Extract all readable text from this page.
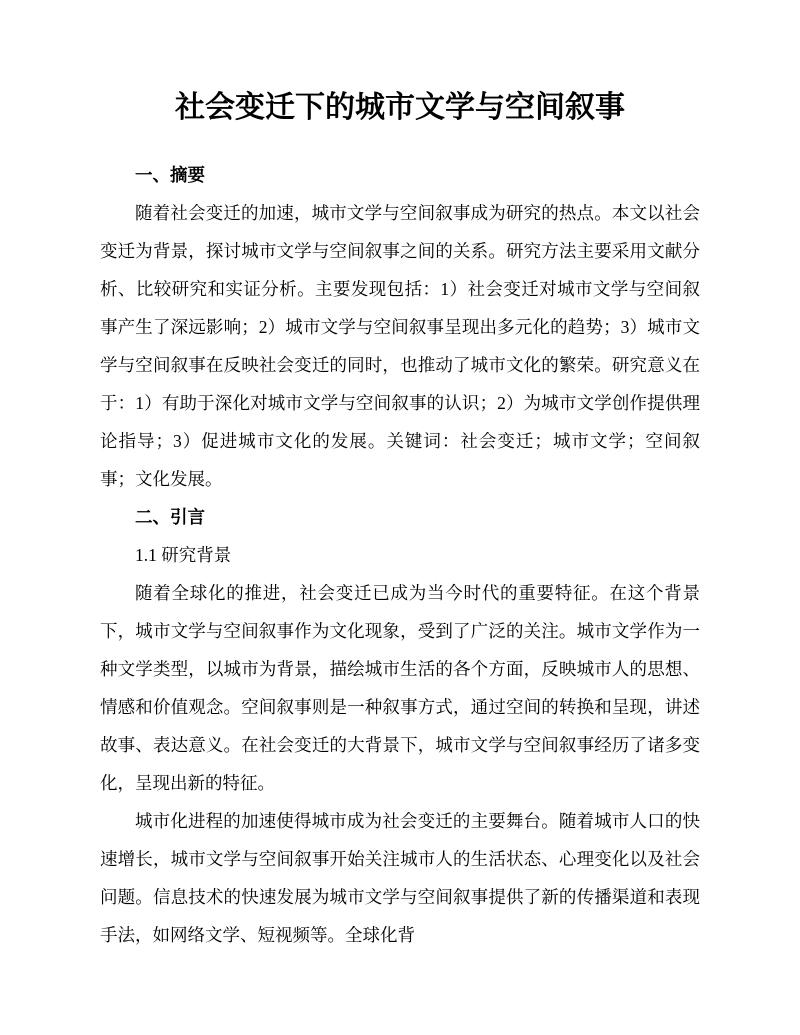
社会变迁下的城市文学与空间叙事

一、摘要

随着社会变迁的加速，城市文学与空间叙事成为研究的热点。本文以社会变迁为背景，探讨城市文学与空间叙事之间的关系。研究方法主要采用文献分析、比较研究和实证分析。主要发现包括：1）社会变迁对城市文学与空间叙事产生了深远影响；2）城市文学与空间叙事呈现出多元化的趋势；3）城市文学与空间叙事在反映社会变迁的同时，也推动了城市文化的繁荣。研究意义在于：1）有助于深化对城市文学与空间叙事的认识；2）为城市文学创作提供理论指导；3）促进城市文化的发展。关键词：社会变迁；城市文学；空间叙事；文化发展。

二、引言

1.1 研究背景

随着全球化的推进，社会变迁已成为当今时代的重要特征。在这个背景下，城市文学与空间叙事作为文化现象，受到了广泛的关注。城市文学作为一种文学类型，以城市为背景，描绘城市生活的各个方面，反映城市人的思想、情感和价值观念。空间叙事则是一种叙事方式，通过空间的转换和呈现，讲述故事、表达意义。在社会变迁的大背景下，城市文学与空间叙事经历了诸多变化，呈现出新的特征。

城市化进程的加速使得城市成为社会变迁的主要舞台。随着城市人口的快速增长，城市文学与空间叙事开始关注城市人的生活状态、心理变化以及社会问题。信息技术的快速发展为城市文学与空间叙事提供了新的传播渠道和表现手法，如网络文学、短视频等。全球化背
